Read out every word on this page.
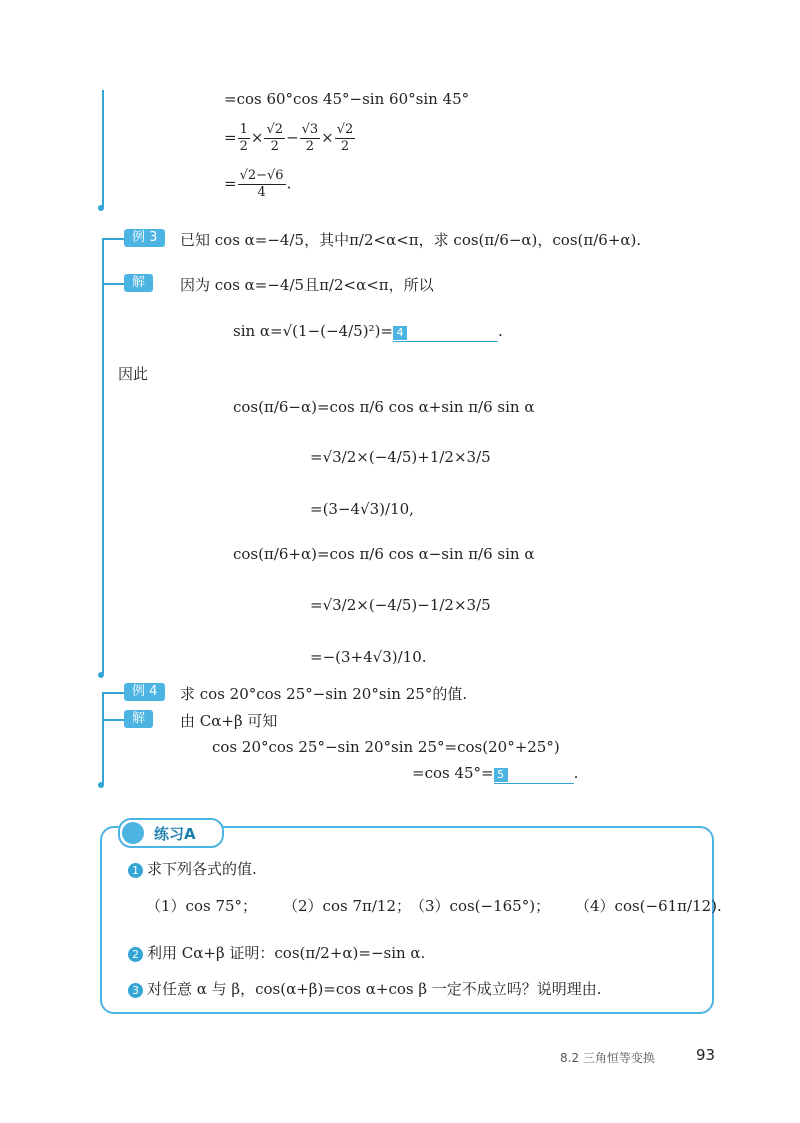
=cos 60°cos 45°−sin 60°sin 45°
= $\frac{1}{2} \times \frac{√2}{2} - \frac{√3}{2} \times \frac{√2}{2}$
= $\frac{√2-√6}{4}$ .
例 3	已知 cos α=−4/5，其中π/2<α<π，求 cos(π/6−α)，cos(π/6+α).
解	因为 cos α=−4/5且π/2<α<π，所以
sin α=√(1−(−4/5)²)= 4	.
因此
cos(π/6−α)=cos π/6 cos α+sin π/6 sin α
=√3/2×(−4/5)+1/2×3/5
=(3−4√3)/10,
cos(π/6+α)=cos π/6 cos α−sin π/6 sin α
=√3/2×(−4/5)−1/2×3/5
=−(3+4√3)/10.
例 4	求 cos 20°cos 25°−sin 20°sin 25°的值.
解	由 Cα+β 可知
cos 20°cos 25°−sin 20°sin 25°=cos(20°+25°)
=cos 45°= 5	.
练习A
1 求下列各式的值.
（1）cos 75°； （2）cos 7π/12； （3）cos(−165°)； （4）cos(−61π/12).
2 利用 Cα+β 证明：cos(π/2+α)=−sin α.
3 对任意 α 与 β，cos(α+β)=cos α+cos β 一定不成立吗？说明理由.
8.2 三角恒等变换	93
